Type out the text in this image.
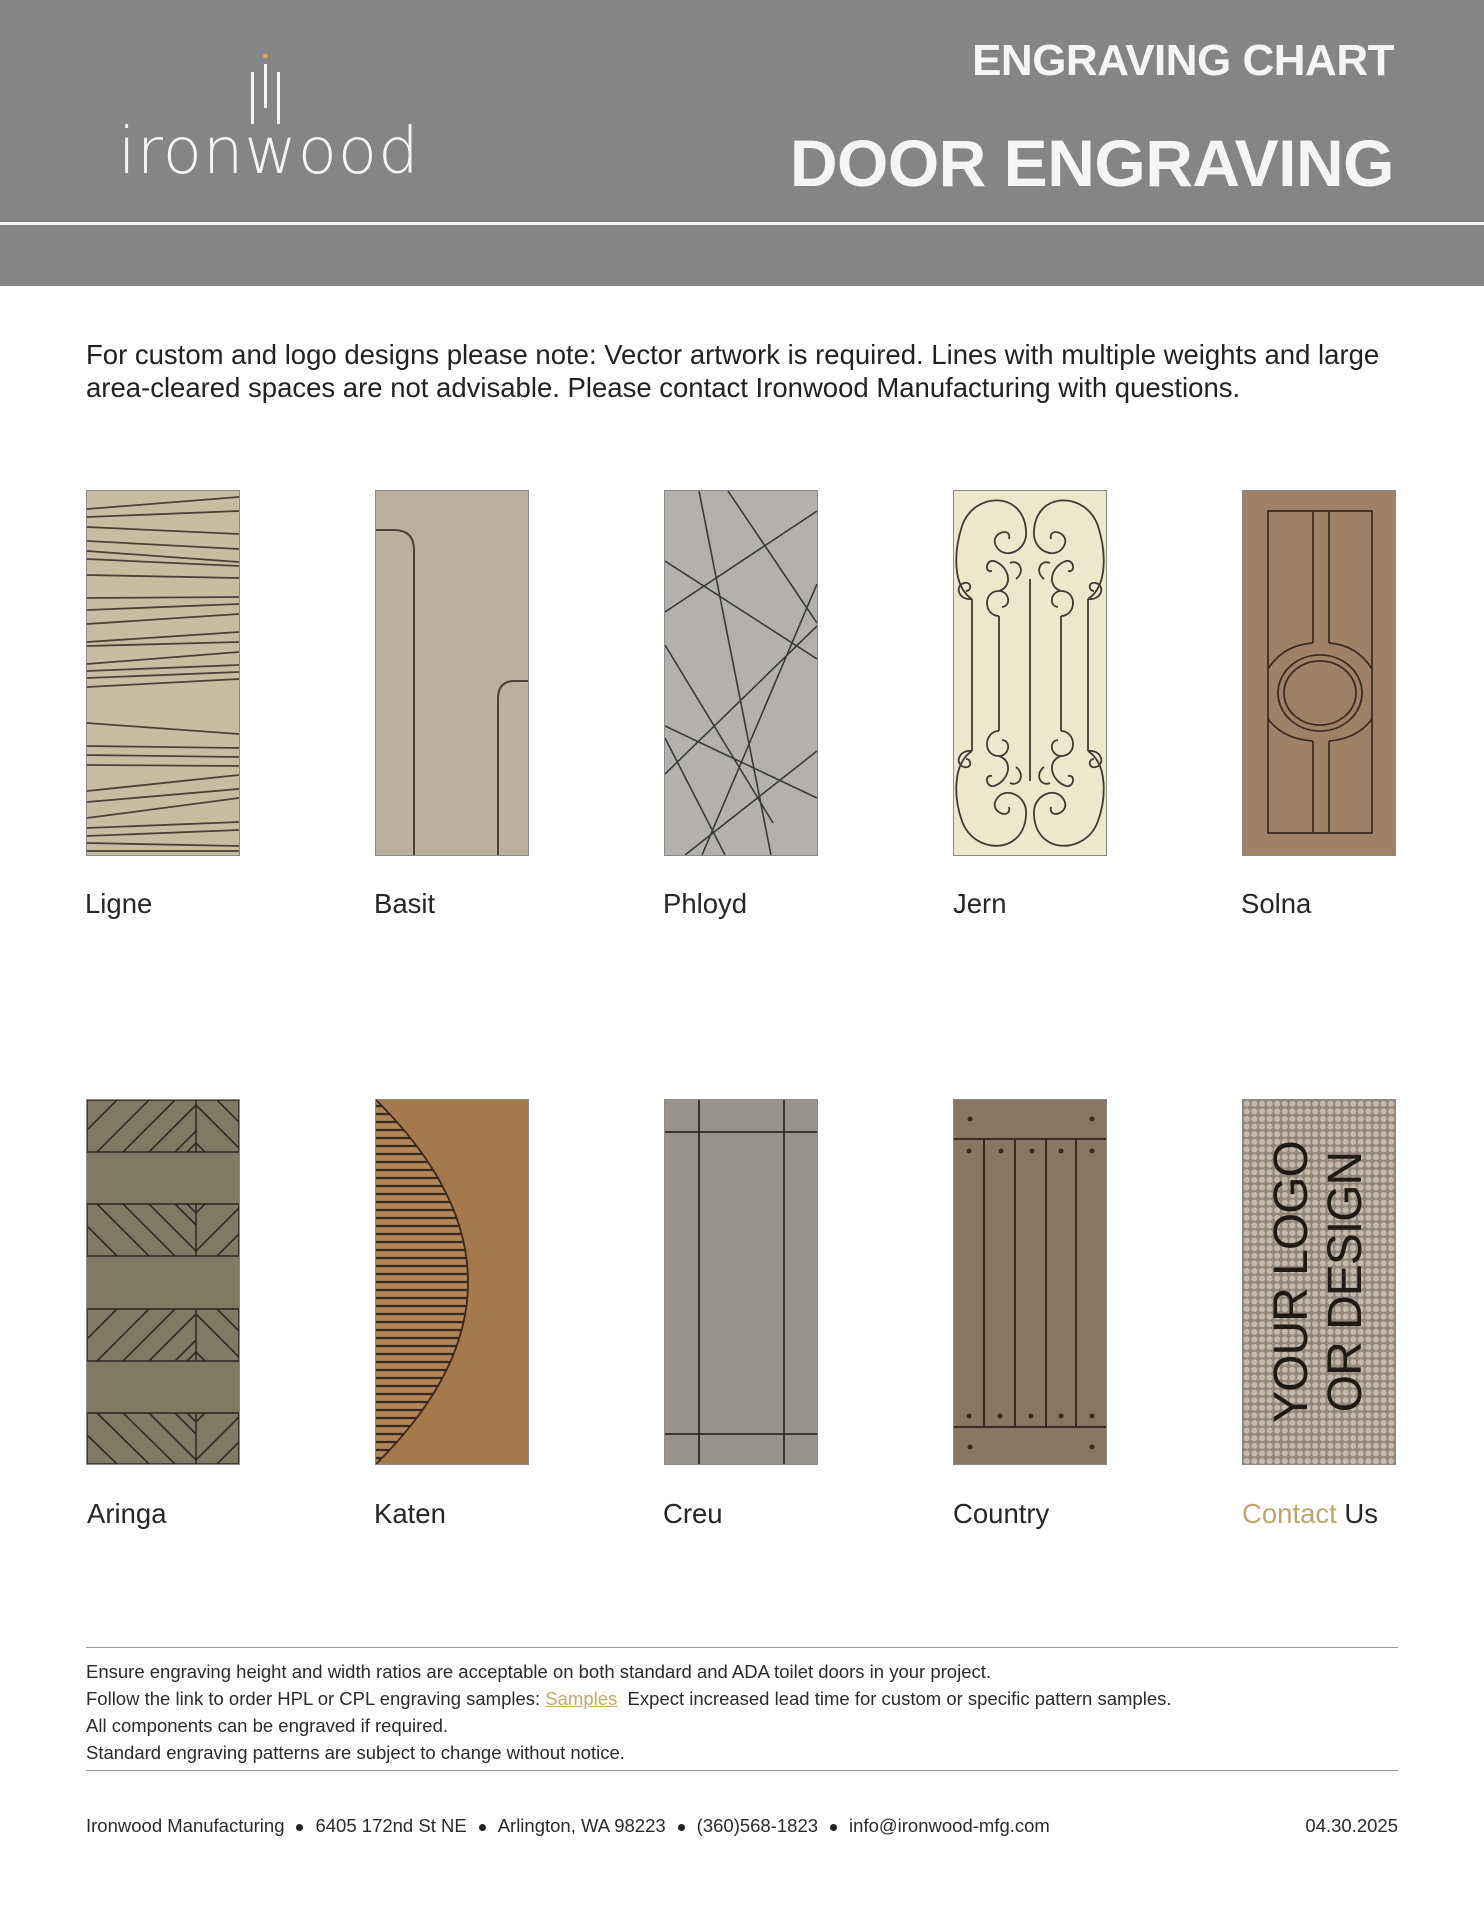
ironwood
ENGRAVING CHART
DOOR ENGRAVING
For custom and logo designs please note: Vector artwork is required. Lines with multiple weights and large area-cleared spaces are not advisable. Please contact Ironwood Manufacturing with questions.
Ligne	Basit	Phloyd	Jern	Solna
Aringa	Katen	Creu	Country
YOUR LOGO OR DESIGN
Contact Us
Ensure engraving height and width ratios are acceptable on both standard and ADA toilet doors in your project.
Follow the link to order HPL or CPL engraving samples: Samples  Expect increased lead time for custom or specific pattern samples.
All components can be engraved if required.
Standard engraving patterns are subject to change without notice.
Ironwood Manufacturing 6405 172nd St NE Arlington, WA 98223 (360)568-1823 info@ironwood-mfg.com	04.30.2025
